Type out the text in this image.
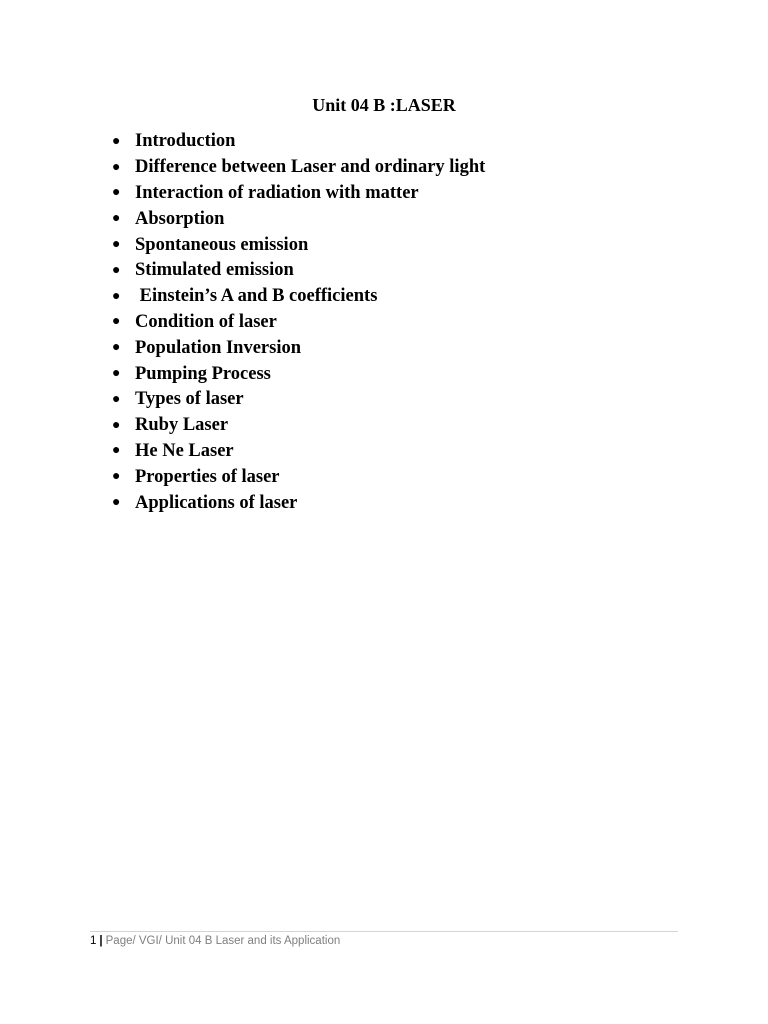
Unit 04 B :LASER
● Introduction
● Difference between Laser and ordinary light
● Interaction of radiation with matter
● Absorption
● Spontaneous emission
● Stimulated emission
● Einstein’s A and B coefficients
● Condition of laser
● Population Inversion
● Pumping Process
● Types of laser
● Ruby Laser
● He Ne Laser
● Properties of laser
● Applications of laser
1 | Page/ VGI/ Unit 04 B Laser and its Application
